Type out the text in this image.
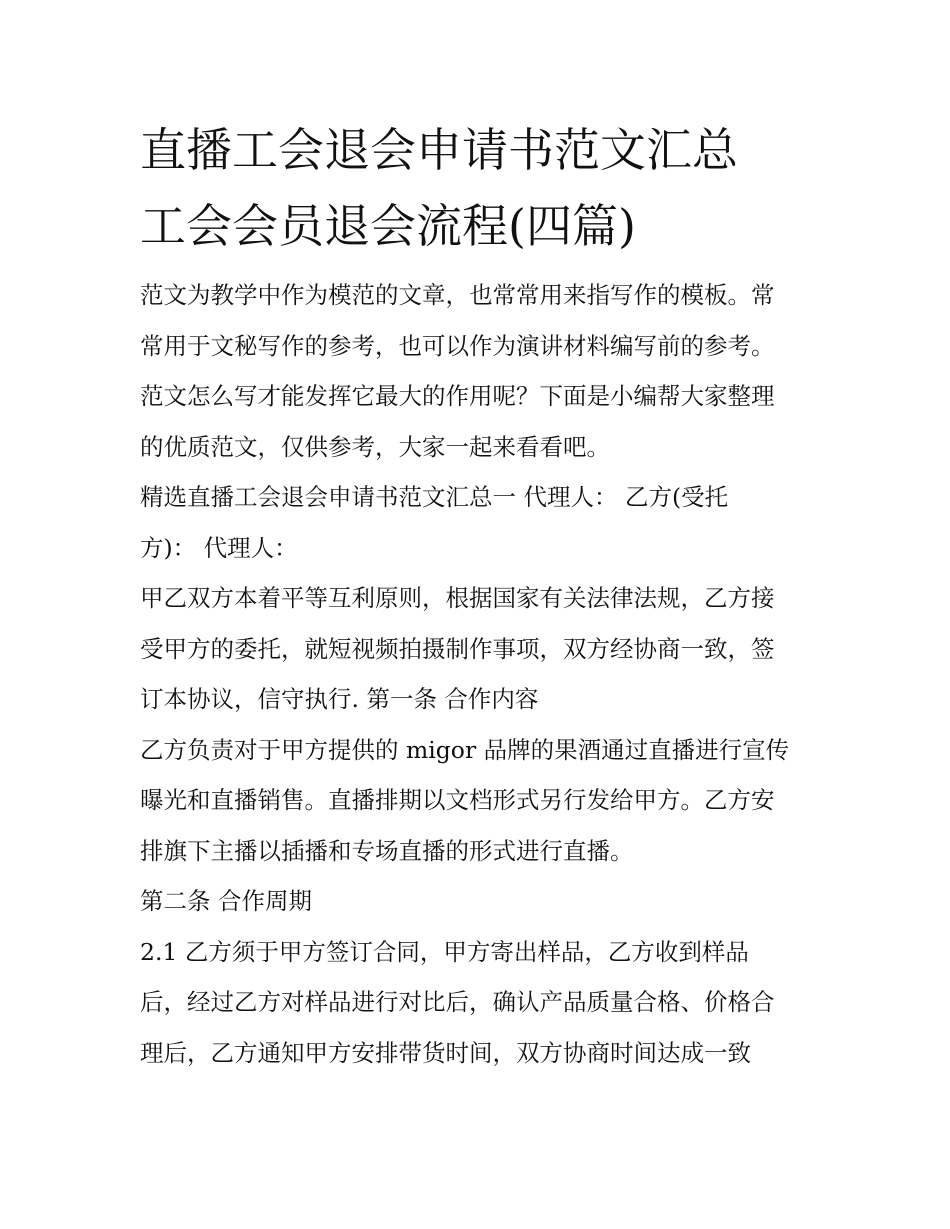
直播工会退会申请书范文汇总
工会会员退会流程(四篇)

范文为教学中作为模范的文章，也常常用来指写作的模板。常
常用于文秘写作的参考，也可以作为演讲材料编写前的参考。
范文怎么写才能发挥它最大的作用呢？下面是小编帮大家整理
的优质范文，仅供参考，大家一起来看看吧。

精选直播工会退会申请书范文汇总一 代理人： 乙方(受托
方)： 代理人：

甲乙双方本着平等互利原则，根据国家有关法律法规，乙方接
受甲方的委托，就短视频拍摄制作事项，双方经协商一致，签
订本协议，信守执行. 第一条 合作内容

乙方负责对于甲方提供的 migor 品牌的果酒通过直播进行宣传
曝光和直播销售。直播排期以文档形式另行发给甲方。乙方安
排旗下主播以插播和专场直播的形式进行直播。

第二条 合作周期

2.1 乙方须于甲方签订合同，甲方寄出样品，乙方收到样品
后，经过乙方对样品进行对比后，确认产品质量合格、价格合
理后，乙方通知甲方安排带货时间，双方协商时间达成一致
